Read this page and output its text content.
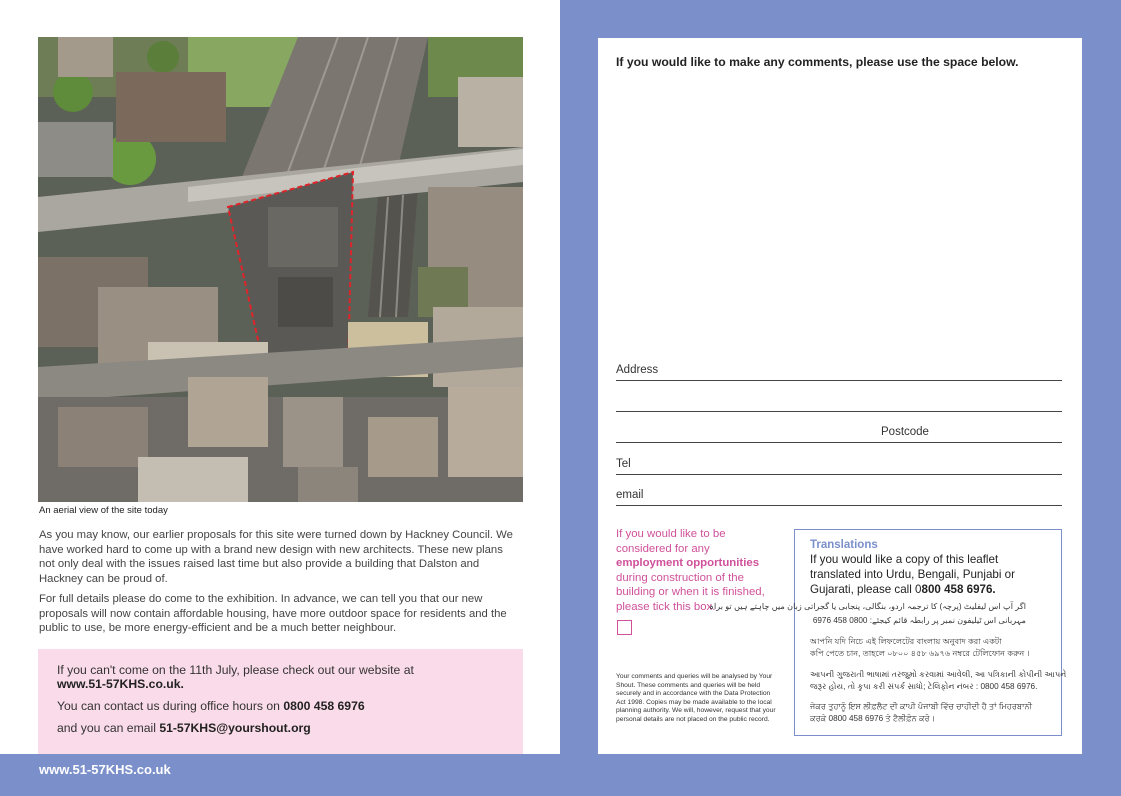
An aerial view of the site today

As you may know, our earlier proposals for this site were turned down by Hackney Council. We have worked hard to come up with a brand new design with new architects. These new plans not only deal with the issues raised last time but also provide a building that Dalston and Hackney can be proud of.

For full details please do come to the exhibition. In advance, we can tell you that our new proposals will now contain affordable housing, have more outdoor space for residents and the public to use, be more energy-efficient and be a much better neighbour.

If you can't come on the 11th July, please check out our website at
www.51-57KHS.co.uk.
You can contact us during office hours on 0800 458 6976
and you can email 51-57KHS@yourshout.org
www.51-57KHS.co.uk
If you would like to make any comments, please use the space below.
Address
Postcode
Tel
email

If you would like to be considered for any employment opportunities during construction of the building or when it is finished, please tick this box.

Your comments and queries will be analysed by Your Shout. These comments and queries will be held securely and in accordance with the Data Protection Act 1998. Copies may be made available to the local planning authority. We will, however, request that your personal details are not placed on the public record.

Translations

If you would like a copy of this leaflet translated into Urdu, Bengali, Punjabi or Gujarati, please call 0800 458 6976.

اگر آپ اس لیفلیٹ (پرچہ) کا ترجمہ اردو، بنگالی، پنجابی یا گجراتی زبان میں چاہتے ہیں تو براہ
مہربانی اس ٹیلیفون نمبر پر رابطہ قائم کیجئے: 0800 458 6976
আপনি যদি নিচে এই লিফলেটের বাংলায় অনুবাদ করা একটা
কপি পেতে চান, তাহলে ০৮০০ ৪৫৮ ৬৯৭৬ নম্বরে টেলিফোন করুন ।
આપની ગુજરાતી ભાષામાં તરજુમો કરવામાં આવેલી, આ પત્રિકાની કોપીની આપને
જરૂર હોય, તો કૃપા કરી સંપર્ક સાધો; ટેલિફોન નંબર : 0800 458 6976.
ਜੇਕਰ ਤੁਹਾਨੂੰ ਇਸ ਲੀਫ਼ਲੈਟ ਦੀ ਕਾਪੀ ਪੰਜਾਬੀ ਵਿੱਚ ਚਾਹੀਦੀ ਹੈ ਤਾਂ ਮਿਹਰਬਾਨੀ
ਕਰਕੇ 0800 458 6976 ਤੇ ਟੈਲੀਫ਼ੋਨ ਕਰੋ।
